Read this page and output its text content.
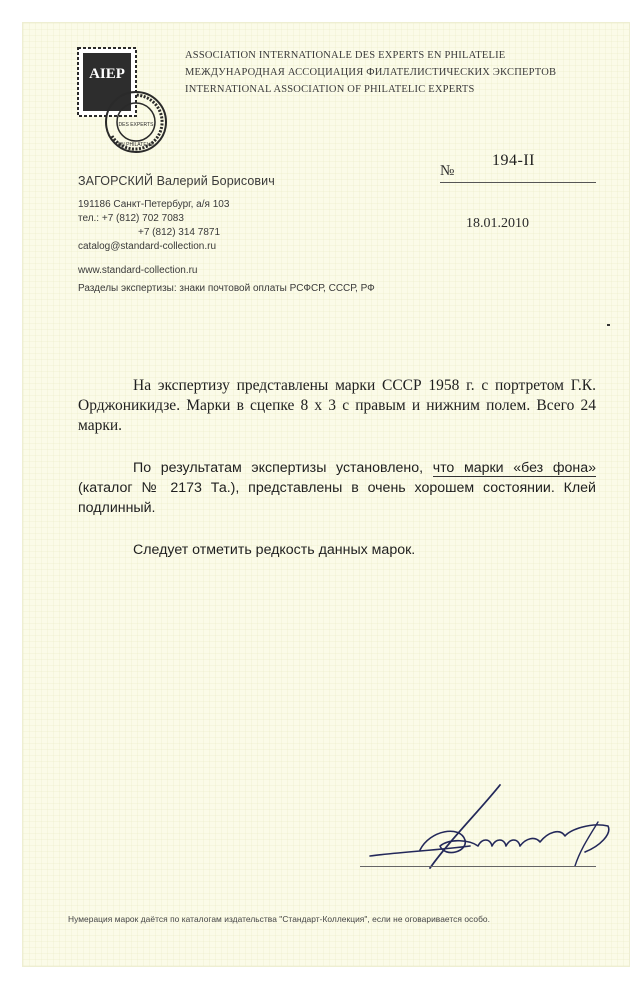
AIEP
DES EXPERTS
EN PHILATELIE
ASSOCIATION INTERNATIONALE DES EXPERTS EN PHILATELIE
МЕЖДУНАРОДНАЯ АССОЦИАЦИЯ ФИЛАТЕЛИСТИЧЕСКИХ ЭКСПЕРТОВ
INTERNATIONAL ASSOCIATION OF PHILATELIC EXPERTS
ЗАГОРСКИЙ Валерий Борисович
191186 Санкт-Петербург, а/я 103
тел.: +7 (812) 702 7083
+7 (812) 314 7871
catalog@standard-collection.ru
www.standard-collection.ru
Разделы экспертизы: знаки почтовой оплаты РСФСР, СССР, РФ
№
194-II
18.01.2010

На экспертизу представлены марки СССР 1958 г. с портретом Г.К. Орджоникидзе. Марки в сцепке 8 х 3 с правым и нижним полем. Всего 24 марки.

По результатам экспертизы установлено, что марки «без фона» (каталог № 2173 Та.), представлены в очень хорошем состоянии. Клей подлинный.

Следует отметить редкость данных марок.

Нумерация марок даётся по каталогам издательства "Стандарт-Коллекция", если не оговаривается особо.
